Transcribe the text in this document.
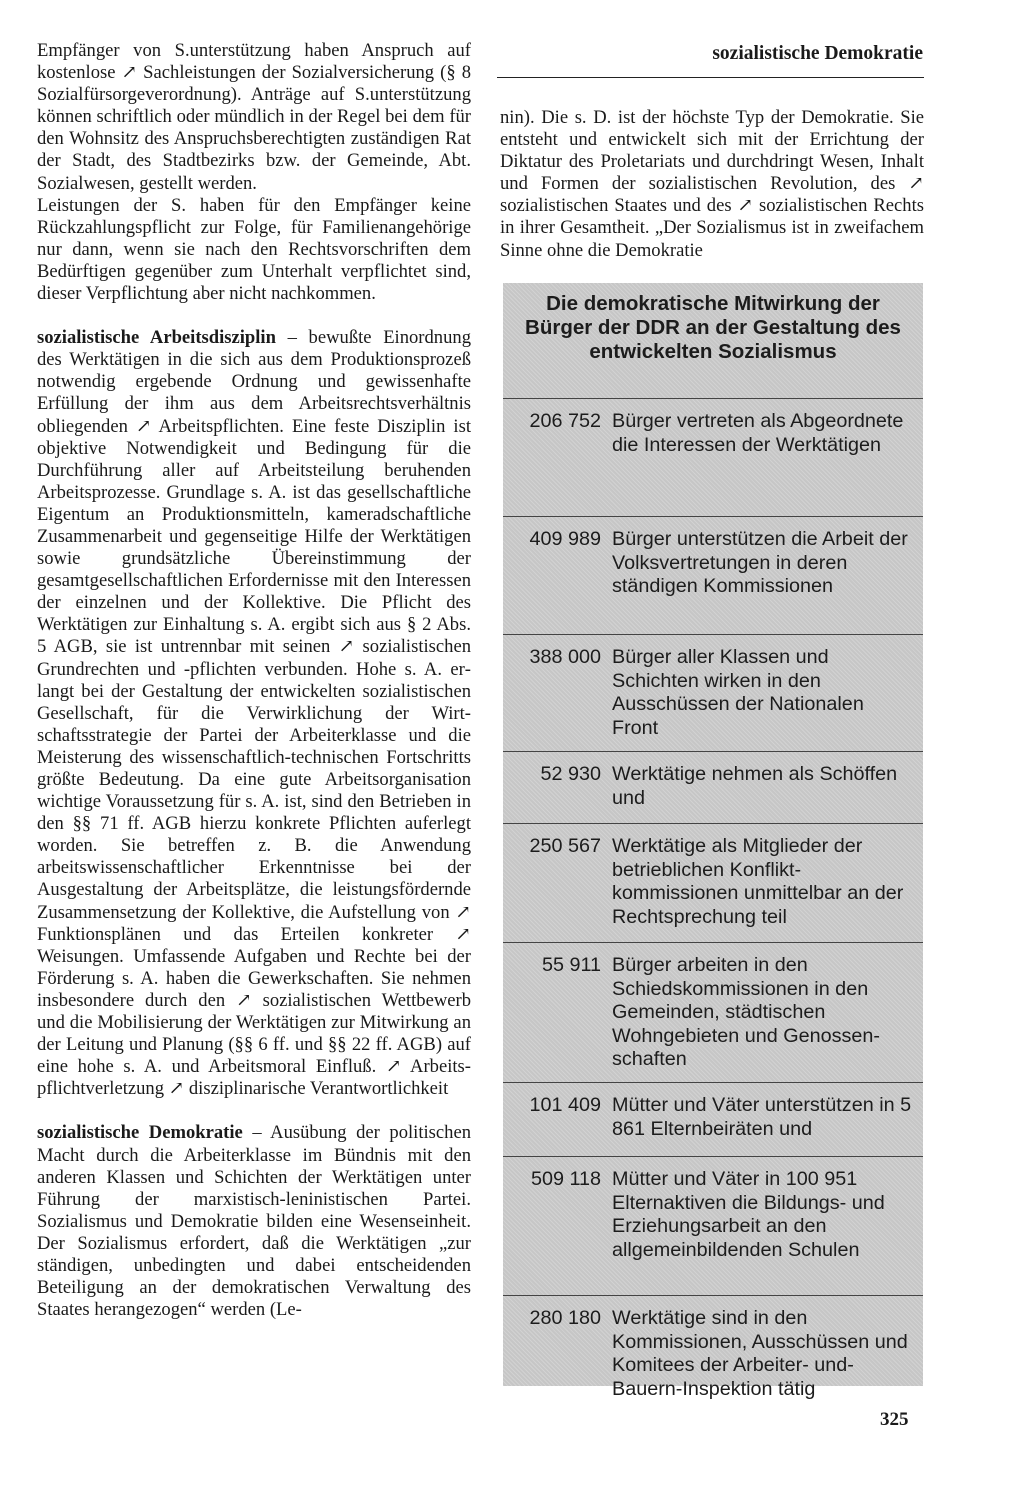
sozialistische Demokratie

Empfänger von S.unterstützung haben Anspruch auf kostenlose ↗ Sachleistungen der Sozialversicherung (§ 8 Sozialfürsorgeverordnung). Anträge auf S.unterstützung können schriftlich oder mündlich in der Regel bei dem für den Wohnsitz des Anspruchsberechtigten zuständigen Rat der Stadt, des Stadtbezirks bzw. der Gemeinde, Abt. Sozialwesen, gestellt werden.

Leistungen der S. haben für den Empfänger keine Rückzahlungspflicht zur Folge, für Familienangehörige nur dann, wenn sie nach den Rechtsvorschriften dem Bedürftigen gegenüber zum Unterhalt verpflichtet sind, dieser Verpflichtung aber nicht nachkommen.

sozialistische Arbeitsdisziplin – bewußte Einordnung des Werktätigen in die sich aus dem Produktionsprozeß notwendig ergebende Ordnung und gewissenhafte Erfüllung der ihm aus dem Arbeitsrechtsverhältnis obliegenden ↗ Arbeitspflichten. Eine feste Disziplin ist objektive Notwendigkeit und Bedingung für die Durchführung aller auf Arbeitsteilung beruhenden Arbeitsprozesse. Grundlage s. A. ist das gesellschaftliche Eigentum an Produktionsmitteln, kameradschaftliche Zusammenarbeit und gegenseitige Hilfe der Werktätigen sowie grundsätzliche Übereinstimmung der gesamtgesellschaftlichen Erfordernisse mit den Interessen der einzelnen und der Kollektive. Die Pflicht des Werktätigen zur Einhaltung s. A. ergibt sich aus § 2 Abs. 5 AGB, sie ist untrennbar mit seinen ↗ sozialistischen Grundrechten und -pflichten verbunden. Hohe s. A. erlangt bei der Gestaltung der entwickelten sozialistischen Gesellschaft, für die Verwirklichung der Wirtschaftsstrategie der Partei der Arbeiterklasse und die Meisterung des wissenschaftlich-technischen Fortschritts größte Bedeutung. Da eine gute Arbeitsorganisation wichtige Voraussetzung für s. A. ist, sind den Betrieben in den §§ 71 ff. AGB hierzu konkrete Pflichten auferlegt worden. Sie betreffen z. B. die Anwendung arbeitswissenschaftlicher Erkenntnisse bei der Ausgestaltung der Arbeitsplätze, die leistungsfördernde Zusammensetzung der Kollektive, die Aufstellung von ↗ Funktionsplänen und das Erteilen konkreter ↗ Weisungen. Umfassende Aufgaben und Rechte bei der Förderung s. A. haben die Gewerkschaften. Sie nehmen insbesondere durch den ↗ sozialistischen Wettbewerb und die Mobilisierung der Werktätigen zur Mitwirkung an der Leitung und Planung (§§ 6 ff. und §§ 22 ff. AGB) auf eine hohe s. A. und Arbeitsmoral Einfluß. ↗ Arbeitspflichtverletzung ↗ disziplinarische Verantwortlichkeit

sozialistische Demokratie – Ausübung der politischen Macht durch die Arbeiterklasse im Bündnis mit den anderen Klassen und Schichten der Werktätigen unter Führung der marxistisch-leninistischen Partei. Sozialismus und Demokratie bilden eine Wesenseinheit. Der Sozialismus erfordert, daß die Werktätigen „zur ständigen, unbedingten und dabei entscheidenden Beteiligung an der demokratischen Verwaltung des Staates herangezogen“ werden (Le-

nin). Die s. D. ist der höchste Typ der Demokratie. Sie entsteht und entwickelt sich mit der Errichtung der Diktatur des Proletariats und durchdringt Wesen, Inhalt und Formen der sozialistischen Revolution, des ↗ sozialistischen Staates und des ↗ sozialistischen Rechts in ihrer Gesamtheit. „Der Sozialismus ist in zweifachem Sinne ohne die Demokratie

Die demokratische Mitwirkung der Bürger der DDR an der Gestaltung des entwickelten Sozialismus
206 752 Bürger vertreten als Abgeordnete die Interessen der Werktätigen
409 989 Bürger unterstützen die Arbeit der Volksvertretungen in deren ständigen Kommissionen
388 000 Bürger aller Klassen und Schichten wirken in den Ausschüssen der Nationalen Front
52 930 Werktätige nehmen als Schöffen und
250 567 Werktätige als Mitglieder der betrieblichen Konfliktkommissionen unmittelbar an der Rechtsprechung teil
55 911 Bürger arbeiten in den Schiedskommissionen in den Gemeinden, städtischen Wohngebieten und Genossenschaften
101 409 Mütter und Väter unterstützen in 5 861 Elternbeiräten und
509 118 Mütter und Väter in 100 951 Elternaktiven die Bildungs- und Erziehungsarbeit an den allgemeinbildenden Schulen
280 180 Werktätige sind in den Kommissionen, Ausschüssen und Komitees der Arbeiter- und-Bauern-Inspektion tätig
325
